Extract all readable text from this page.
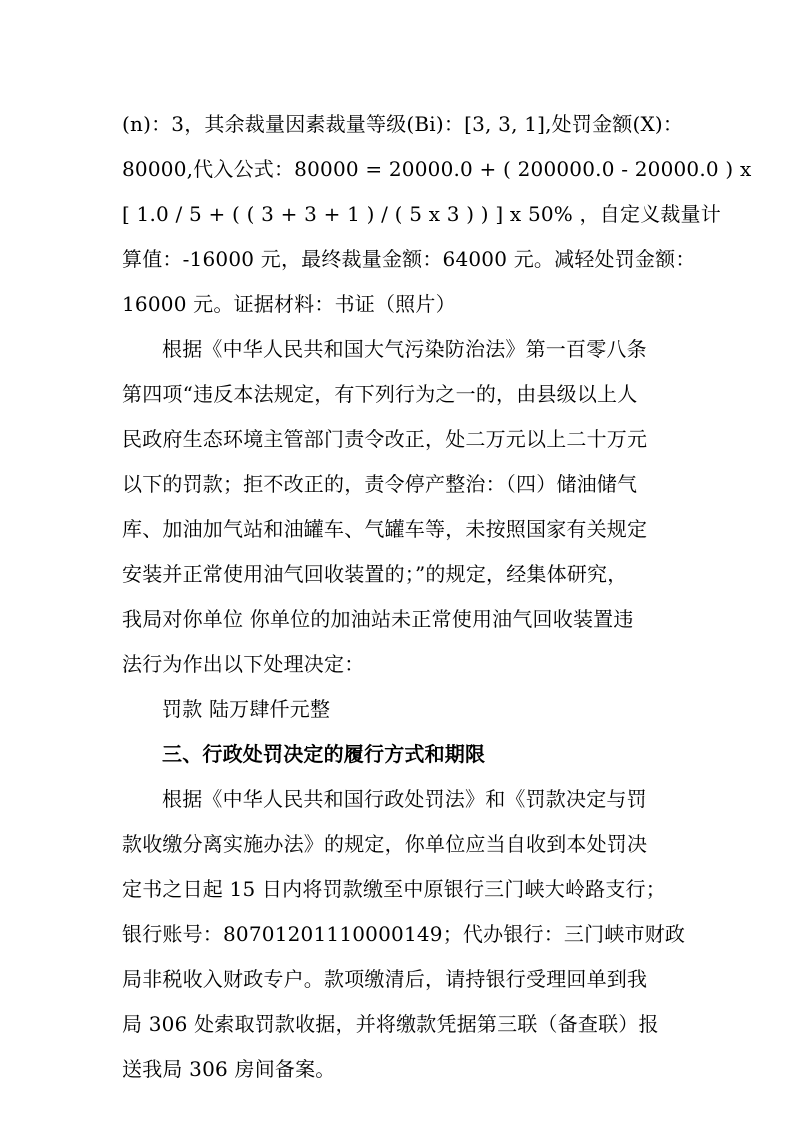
(n)：3，其余裁量因素裁量等级(Bi)：[3, 3, 1],处罚金额(X)：
80000,代入公式：80000 = 20000.0 + ( 200000.0 - 20000.0 ) x
[ 1.0 / 5 + ( ( 3 + 3 + 1 ) / ( 5 x 3 ) ) ] x 50% ，自定义裁量计
算值：-16000 元，最终裁量金额：64000 元。减轻处罚金额：
16000 元。证据材料：书证（照片）
根据《中华人民共和国大气污染防治法》第一百零八条
第四项“违反本法规定，有下列行为之一的，由县级以上人
民政府生态环境主管部门责令改正，处二万元以上二十万元
以下的罚款；拒不改正的，责令停产整治：（四）储油储气
库、加油加气站和油罐车、气罐车等，未按照国家有关规定
安装并正常使用油气回收装置的；”的规定，经集体研究，
我局对你单位 你单位的加油站未正常使用油气回收装置违
法行为作出以下处理决定：
罚款 陆万肆仟元整
三、行政处罚决定的履行方式和期限
根据《中华人民共和国行政处罚法》和《罚款决定与罚
款收缴分离实施办法》的规定，你单位应当自收到本处罚决
定书之日起 15 日内将罚款缴至中原银行三门峡大岭路支行；
银行账号：80701201110000149；代办银行：三门峡市财政
局非税收入财政专户。款项缴清后，请持银行受理回单到我
局 306 处索取罚款收据，并将缴款凭据第三联（备查联）报
送我局 306 房间备案。
